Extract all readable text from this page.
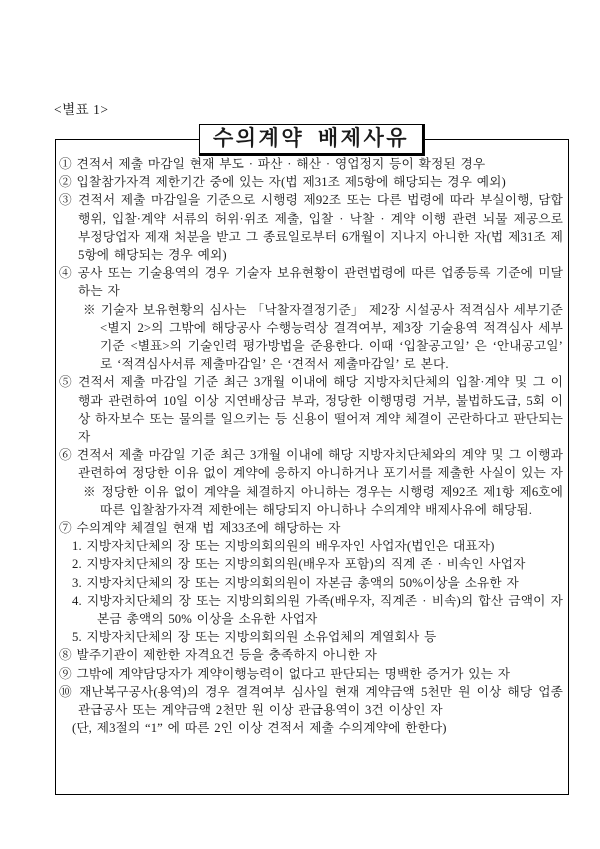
<별표 1>
수의계약 배제사유
① 견적서 제출 마감일 현재 부도 · 파산 · 해산 · 영업정지 등이 확정된 경우
② 입찰참가자격 제한기간 중에 있는 자(법 제31조 제5항에 해당되는 경우 예외)
③ 견적서 제출 마감일을 기준으로 시행령 제92조 또는 다른 법령에 따라 부실이행, 담합행위, 입찰·계약 서류의 허위·위조 제출, 입찰 · 낙찰 · 계약 이행 관련 뇌물 제공으로 부정당업자 제재 처분을 받고 그 종료일로부터 6개월이 지나지 아니한 자(법 제31조 제5항에 해당되는 경우 예외)
④ 공사 또는 기술용역의 경우 기술자 보유현황이 관련법령에 따른 업종등록 기준에 미달하는 자
※ 기술자 보유현황의 심사는 「낙찰자결정기준」 제2장 시설공사 적격심사 세부기준 <별지 2>의 그밖에 해당공사 수행능력상 결격여부, 제3장 기술용역 적격심사 세부기준 <별표>의 기술인력 평가방법을 준용한다. 이때 ‘입찰공고일’ 은 ‘안내공고일’ 로 ‘적격심사서류 제출마감일’ 은 ‘견적서 제출마감일’ 로 본다.
⑤ 견적서 제출 마감일 기준 최근 3개월 이내에 해당 지방자치단체의 입찰·계약 및 그 이행과 관련하여 10일 이상 지연배상금 부과, 정당한 이행명령 거부, 불법하도급, 5회 이상 하자보수 또는 물의를 일으키는 등 신용이 떨어져 계약 체결이 곤란하다고 판단되는 자
⑥ 견적서 제출 마감일 기준 최근 3개월 이내에 해당 지방자치단체와의 계약 및 그 이행과 관련하여 정당한 이유 없이 계약에 응하지 아니하거나 포기서를 제출한 사실이 있는 자
※ 정당한 이유 없이 계약을 체결하지 아니하는 경우는 시행령 제92조 제1항 제6호에 따른 입찰참가자격 제한에는 해당되지 아니하나 수의계약 배제사유에 해당됨.
⑦ 수의계약 체결일 현재 법 제33조에 해당하는 자
1. 지방자치단체의 장 또는 지방의회의원의 배우자인 사업자(법인은 대표자)
2. 지방자치단체의 장 또는 지방의회의원(배우자 포함)의 직계 존 · 비속인 사업자
3. 지방자치단체의 장 또는 지방의회의원이 자본금 총액의 50%이상을 소유한 자
4. 지방자치단체의 장 또는 지방의회의원 가족(배우자, 직계존 · 비속)의 합산 금액이 자본금 총액의 50% 이상을 소유한 사업자
5. 지방자치단체의 장 또는 지방의회의원 소유업체의 계열회사 등
⑧ 발주기관이 제한한 자격요건 등을 충족하지 아니한 자
⑨ 그밖에 계약담당자가 계약이행능력이 없다고 판단되는 명백한 증거가 있는 자
⑩ 재난복구공사(용역)의 경우 결격여부 심사일 현재 계약금액 5천만 원 이상 해당 업종 관급공사 또는 계약금액 2천만 원 이상 관급용역이 3건 이상인 자
(단, 제3절의 “1” 에 따른 2인 이상 견적서 제출 수의계약에 한한다)
